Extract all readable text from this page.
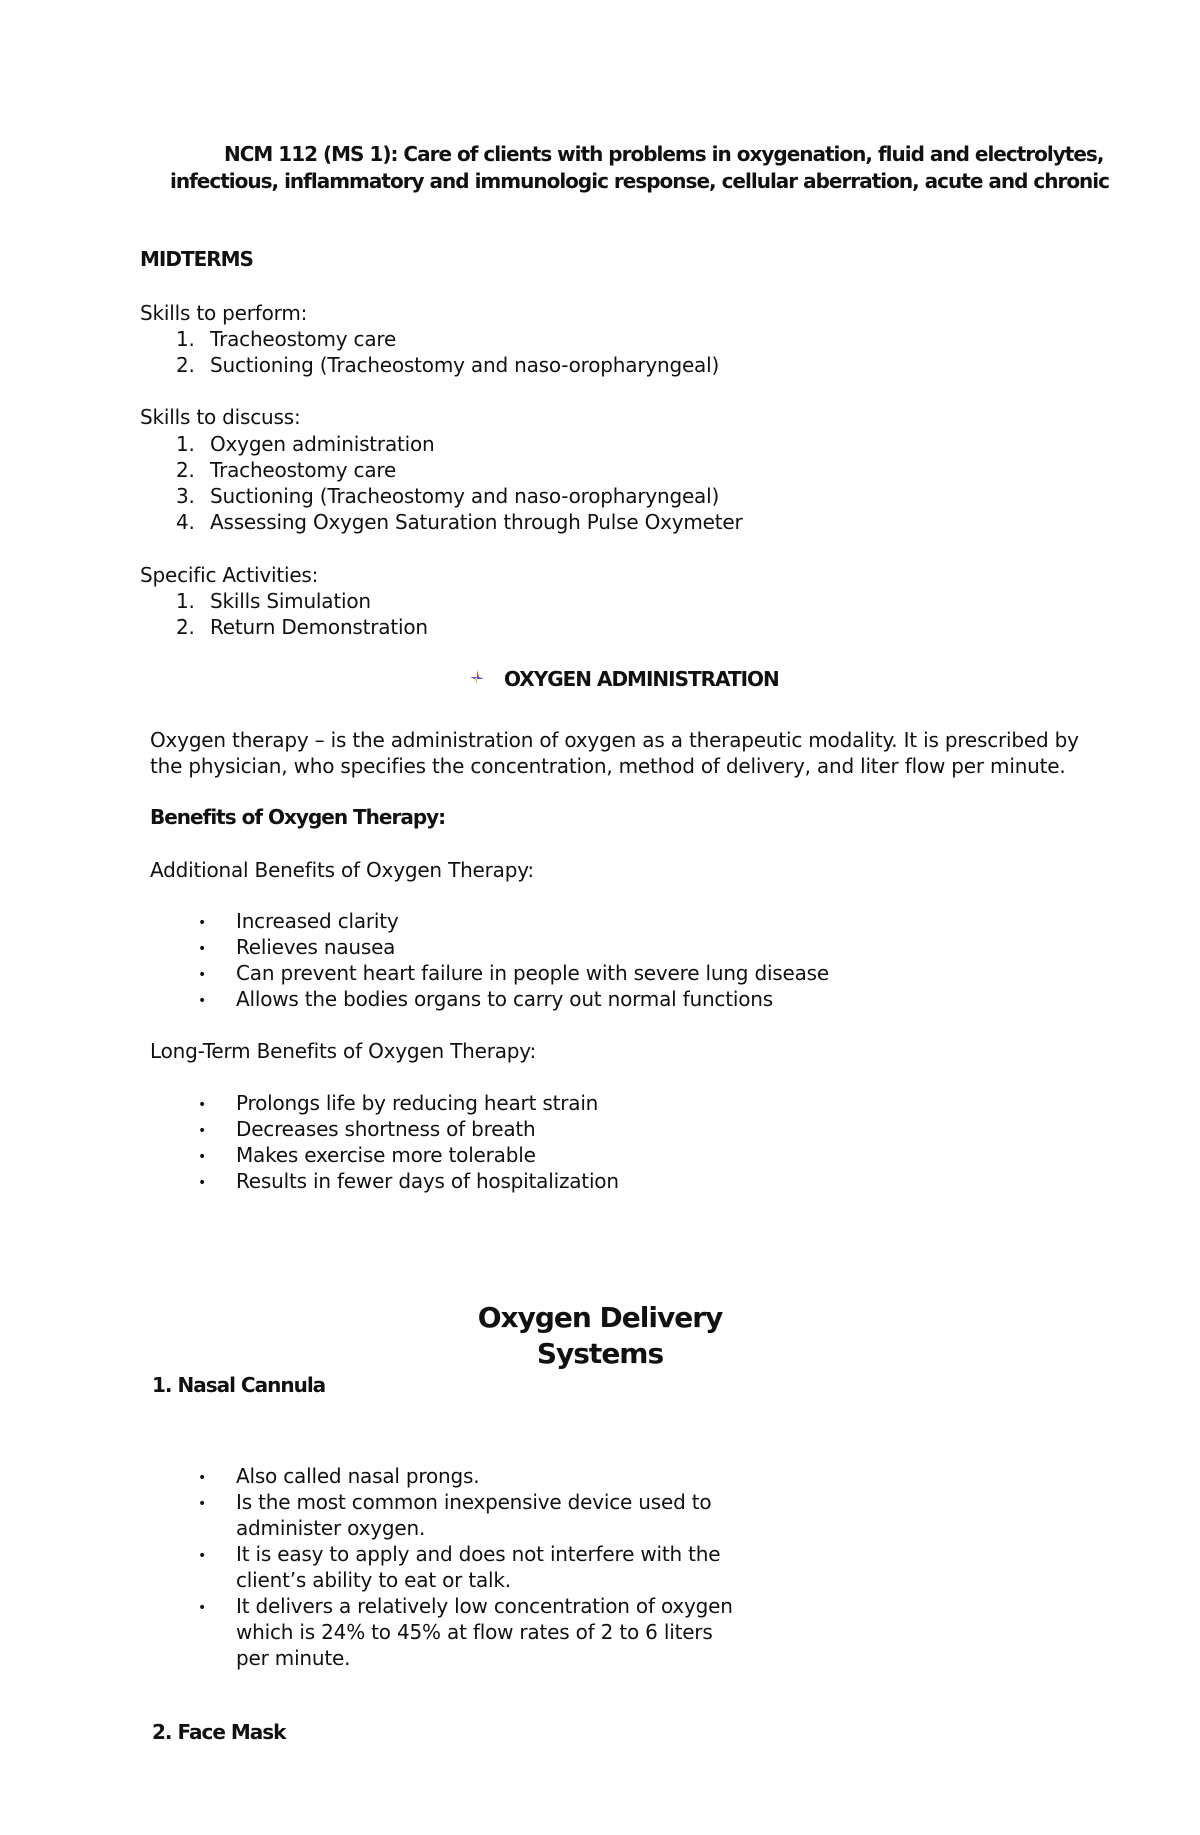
NCM 112 (MS 1): Care of clients with problems in oxygenation, fluid and electrolytes,
infectious, inflammatory and immunologic response, cellular aberration, acute and chronic
MIDTERMS
Skills to perform:
1. Tracheostomy care
2. Suctioning (Tracheostomy and naso-oropharyngeal)
Skills to discuss:
1. Oxygen administration
2. Tracheostomy care
3. Suctioning (Tracheostomy and naso-oropharyngeal)
4. Assessing Oxygen Saturation through Pulse Oxymeter
Specific Activities:
1. Skills Simulation
2. Return Demonstration
OXYGEN ADMINISTRATION
Oxygen therapy – is the administration of oxygen as a therapeutic modality. It is prescribed by
the physician, who specifies the concentration, method of delivery, and liter flow per minute.
Benefits of Oxygen Therapy:
Additional Benefits of Oxygen Therapy:
• Increased clarity
• Relieves nausea
• Can prevent heart failure in people with severe lung disease
• Allows the bodies organs to carry out normal functions
Long-Term Benefits of Oxygen Therapy:
• Prolongs life by reducing heart strain
• Decreases shortness of breath
• Makes exercise more tolerable
• Results in fewer days of hospitalization
Oxygen Delivery
Systems
1. Nasal Cannula
• Also called nasal prongs.
• Is the most common inexpensive device used to
administer oxygen.
• It is easy to apply and does not interfere with the
client’s ability to eat or talk.
• It delivers a relatively low concentration of oxygen
which is 24% to 45% at flow rates of 2 to 6 liters
per minute.
2. Face Mask
